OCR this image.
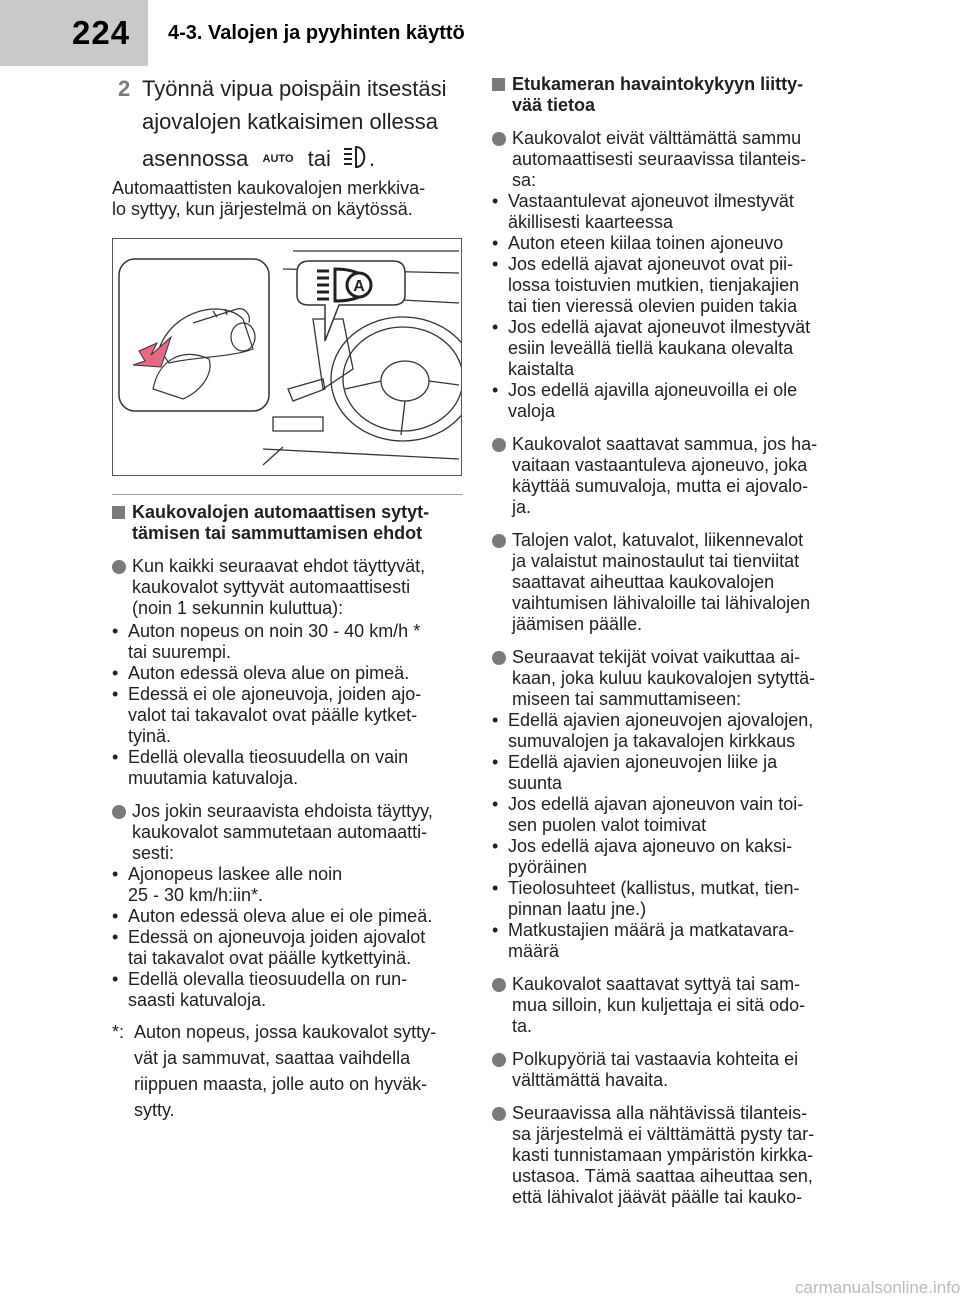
224 4-3. Valojen ja pyyhinten käyttö
2 Työnnä vipua poispäin itsestäsi
ajovalojen katkaisimen ollessa
asennossa AUTO tai .
Automaattisten kaukovalojen merkkiva-
lo syttyy, kun järjestelmä on käytössä.
A
Kaukovalojen automaattisen sytyt-
tämisen tai sammuttamisen ehdot
Kun kaikki seuraavat ehdot täyttyvät,
kaukovalot syttyvät automaattisesti
(noin 1 sekunnin kuluttua):
• Auton nopeus on noin 30 - 40 km/h *
tai suurempi.
• Auton edessä oleva alue on pimeä.
• Edessä ei ole ajoneuvoja, joiden ajo-
valot tai takavalot ovat päälle kytket-
tyinä.
• Edellä olevalla tieosuudella on vain
muutamia katuvaloja.
Jos jokin seuraavista ehdoista täyttyy,
kaukovalot sammutetaan automaatti-
sesti:
• Ajonopeus laskee alle noin
25 - 30 km/h:iin*.
• Auton edessä oleva alue ei ole pimeä.
• Edessä on ajoneuvoja joiden ajovalot
tai takavalot ovat päälle kytkettyinä.
• Edellä olevalla tieosuudella on run-
saasti katuvaloja.
*: Auton nopeus, jossa kaukovalot sytty-
vät ja sammuvat, saattaa vaihdella
riippuen maasta, jolle auto on hyväk-
sytty.
Etukameran havaintokykyyn liitty-
vää tietoa
Kaukovalot eivät välttämättä sammu
automaattisesti seuraavissa tilanteis-
sa:
• Vastaantulevat ajoneuvot ilmestyvät
äkillisesti kaarteessa
• Auton eteen kiilaa toinen ajoneuvo
• Jos edellä ajavat ajoneuvot ovat pii-
lossa toistuvien mutkien, tienjakajien
tai tien vieressä olevien puiden takia
• Jos edellä ajavat ajoneuvot ilmestyvät
esiin leveällä tiellä kaukana olevalta
kaistalta
• Jos edellä ajavilla ajoneuvoilla ei ole
valoja
Kaukovalot saattavat sammua, jos ha-
vaitaan vastaantuleva ajoneuvo, joka
käyttää sumuvaloja, mutta ei ajovalo-
ja.
Talojen valot, katuvalot, liikennevalot
ja valaistut mainostaulut tai tienviitat
saattavat aiheuttaa kaukovalojen
vaihtumisen lähivaloille tai lähivalojen
jäämisen päälle.
Seuraavat tekijät voivat vaikuttaa ai-
kaan, joka kuluu kaukovalojen sytyttä-
miseen tai sammuttamiseen:
• Edellä ajavien ajoneuvojen ajovalojen,
sumuvalojen ja takavalojen kirkkaus
• Edellä ajavien ajoneuvojen liike ja
suunta
• Jos edellä ajavan ajoneuvon vain toi-
sen puolen valot toimivat
• Jos edellä ajava ajoneuvo on kaksi-
pyöräinen
• Tieolosuhteet (kallistus, mutkat, tien-
pinnan laatu jne.)
• Matkustajien määrä ja matkatavara-
määrä
Kaukovalot saattavat syttyä tai sam-
mua silloin, kun kuljettaja ei sitä odo-
ta.
Polkupyöriä tai vastaavia kohteita ei
välttämättä havaita.
Seuraavissa alla nähtävissä tilanteis-
sa järjestelmä ei välttämättä pysty tar-
kasti tunnistamaan ympäristön kirkka-
ustasoa. Tämä saattaa aiheuttaa sen,
että lähivalot jäävät päälle tai kauko-
carmanualsonline.info
